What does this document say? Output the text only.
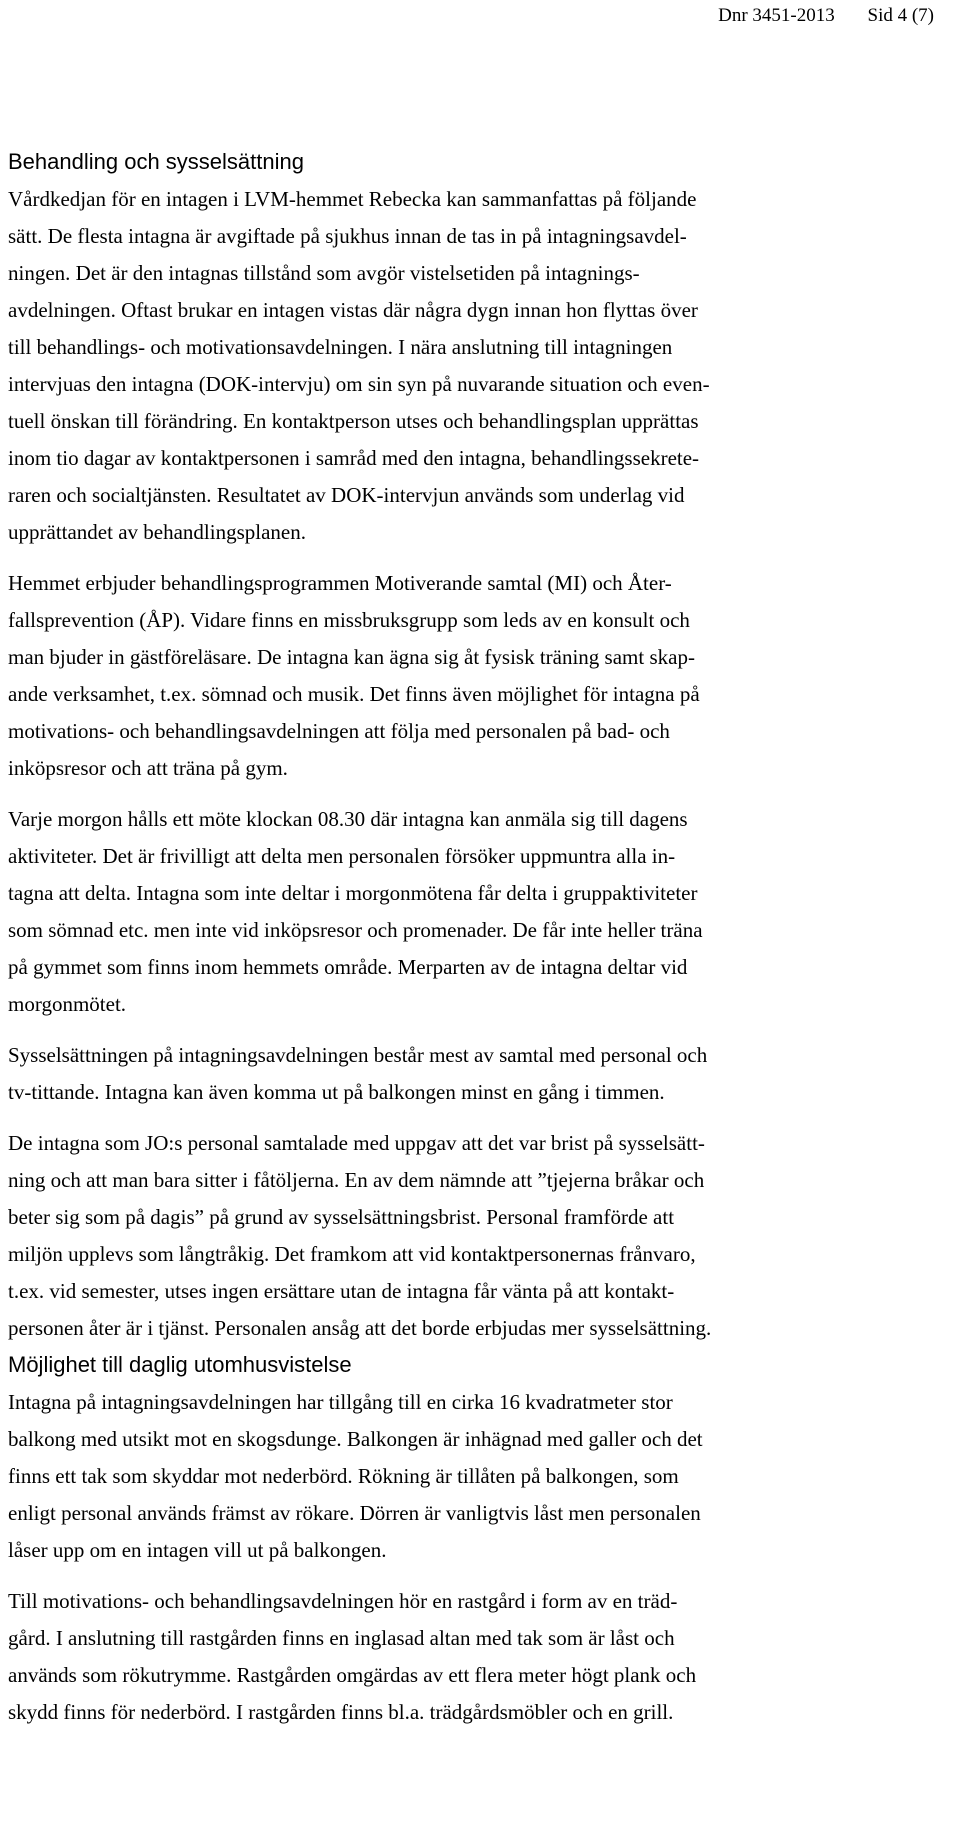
Dnr 3451-2013 Sid 4 (7)
Behandling och sysselsättning

Vårdkedjan för en intagen i LVM-hemmet Rebecka kan sammanfattas på följande
sätt. De flesta intagna är avgiftade på sjukhus innan de tas in på intagningsavdel-
ningen. Det är den intagnas tillstånd som avgör vistelsetiden på intagnings-
avdelningen. Oftast brukar en intagen vistas där några dygn innan hon flyttas över
till behandlings- och motivationsavdelningen. I nära anslutning till intagningen
intervjuas den intagna (DOK-intervju) om sin syn på nuvarande situation och even-
tuell önskan till förändring. En kontaktperson utses och behandlingsplan upprättas
inom tio dagar av kontaktpersonen i samråd med den intagna, behandlingssekrete-
raren och socialtjänsten. Resultatet av DOK-intervjun används som underlag vid
upprättandet av behandlingsplanen.

Hemmet erbjuder behandlingsprogrammen Motiverande samtal (MI) och Åter-
fallsprevention (ÅP). Vidare finns en missbruksgrupp som leds av en konsult och
man bjuder in gästföreläsare. De intagna kan ägna sig åt fysisk träning samt skap-
ande verksamhet, t.ex. sömnad och musik. Det finns även möjlighet för intagna på
motivations- och behandlingsavdelningen att följa med personalen på bad- och
inköpsresor och att träna på gym.

Varje morgon hålls ett möte klockan 08.30 där intagna kan anmäla sig till dagens
aktiviteter. Det är frivilligt att delta men personalen försöker uppmuntra alla in-
tagna att delta. Intagna som inte deltar i morgonmötena får delta i gruppaktiviteter
som sömnad etc. men inte vid inköpsresor och promenader. De får inte heller träna
på gymmet som finns inom hemmets område. Merparten av de intagna deltar vid
morgonmötet.

Sysselsättningen på intagningsavdelningen består mest av samtal med personal och
tv-tittande. Intagna kan även komma ut på balkongen minst en gång i timmen.

De intagna som JO:s personal samtalade med uppgav att det var brist på sysselsätt-
ning och att man bara sitter i fåtöljerna. En av dem nämnde att ”tjejerna bråkar och
beter sig som på dagis” på grund av sysselsättningsbrist. Personal framförde att
miljön upplevs som långtråkig. Det framkom att vid kontaktpersonernas frånvaro,
t.ex. vid semester, utses ingen ersättare utan de intagna får vänta på att kontakt-
personen åter är i tjänst. Personalen ansåg att det borde erbjudas mer sysselsättning.

Möjlighet till daglig utomhusvistelse

Intagna på intagningsavdelningen har tillgång till en cirka 16 kvadratmeter stor
balkong med utsikt mot en skogsdunge. Balkongen är inhägnad med galler och det
finns ett tak som skyddar mot nederbörd. Rökning är tillåten på balkongen, som
enligt personal används främst av rökare. Dörren är vanligtvis låst men personalen
låser upp om en intagen vill ut på balkongen.

Till motivations- och behandlingsavdelningen hör en rastgård i form av en träd-
gård. I anslutning till rastgården finns en inglasad altan med tak som är låst och
används som rökutrymme. Rastgården omgärdas av ett flera meter högt plank och
skydd finns för nederbörd. I rastgården finns bl.a. trädgårdsmöbler och en grill.
